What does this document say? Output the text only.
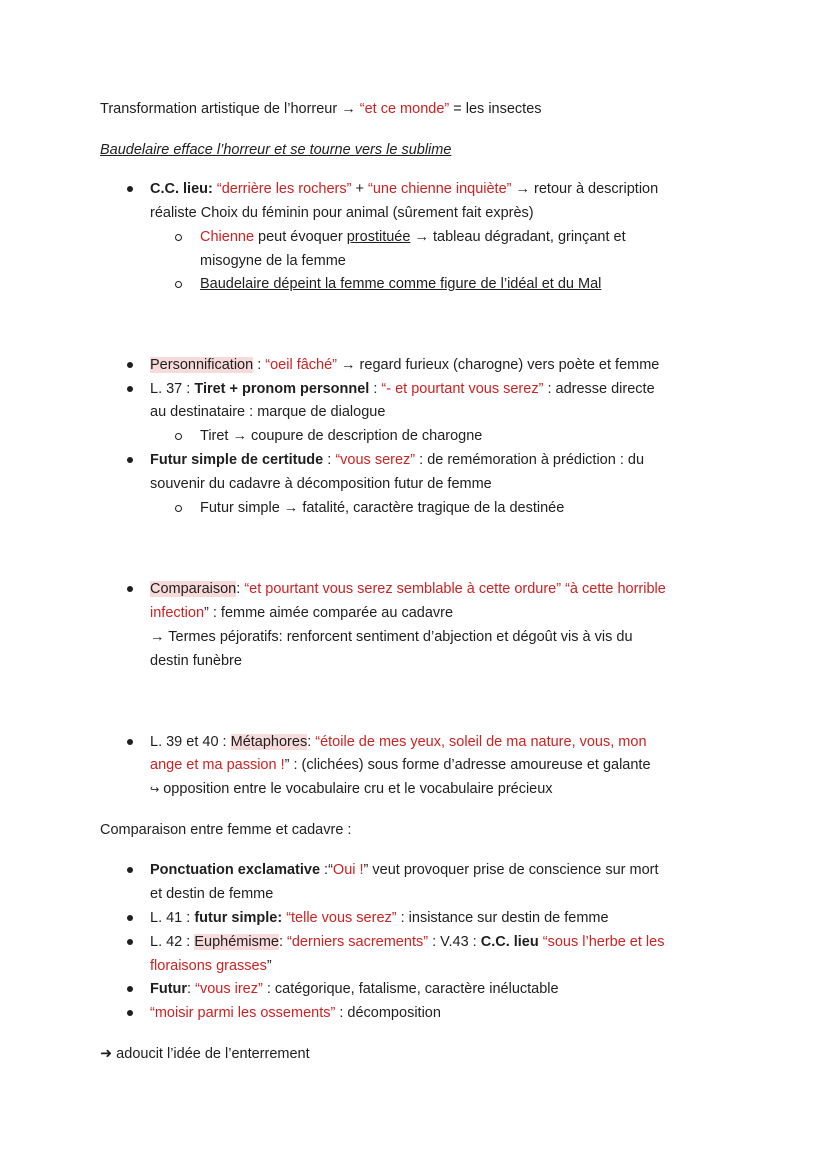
Transformation artistique de l’horreur → “et ce monde” = les insectes
Baudelaire efface l’horreur et se tourne vers le sublime
C.C. lieu: “derrière les rochers” + “une chienne inquiète” → retour à description
réaliste Choix du féminin pour animal (sûrement fait exprès)
Chienne peut évoquer prostituée → tableau dégradant, grinçant et
misogyne de la femme
Baudelaire dépeint la femme comme figure de l’idéal et du Mal
Personnification : “oeil fâché” → regard furieux (charogne) vers poète et femme
L. 37 : Tiret + pronom personnel : “- et pourtant vous serez” : adresse directe
au destinataire : marque de dialogue
Tiret → coupure de description de charogne
Futur simple de certitude : “vous serez” : de remémoration à prédiction : du
souvenir du cadavre à décomposition futur de femme
Futur simple → fatalité, caractère tragique de la destinée
Comparaison: “et pourtant vous serez semblable à cette ordure” “à cette horrible
infection” : femme aimée comparée au cadavre
→ Termes péjoratifs: renforcent sentiment d’abjection et dégoût vis à vis du
destin funèbre
L. 39 et 40 : Métaphores: “étoile de mes yeux, soleil de ma nature, vous, mon
ange et ma passion !” : (clichées) sous forme d’adresse amoureuse et galante
↪ opposition entre le vocabulaire cru et le vocabulaire précieux
Comparaison entre femme et cadavre :
Ponctuation exclamative :“Oui !” veut provoquer prise de conscience sur mort
et destin de femme
L. 41 : futur simple: “telle vous serez” : insistance sur destin de femme
L. 42 : Euphémisme: “derniers sacrements” : V.43 : C.C. lieu “sous l’herbe et les
floraisons grasses”
Futur: “vous irez” : catégorique, fatalisme, caractère inéluctable
“moisir parmi les ossements” : décomposition
➜ adoucit l’idée de l’enterrement
